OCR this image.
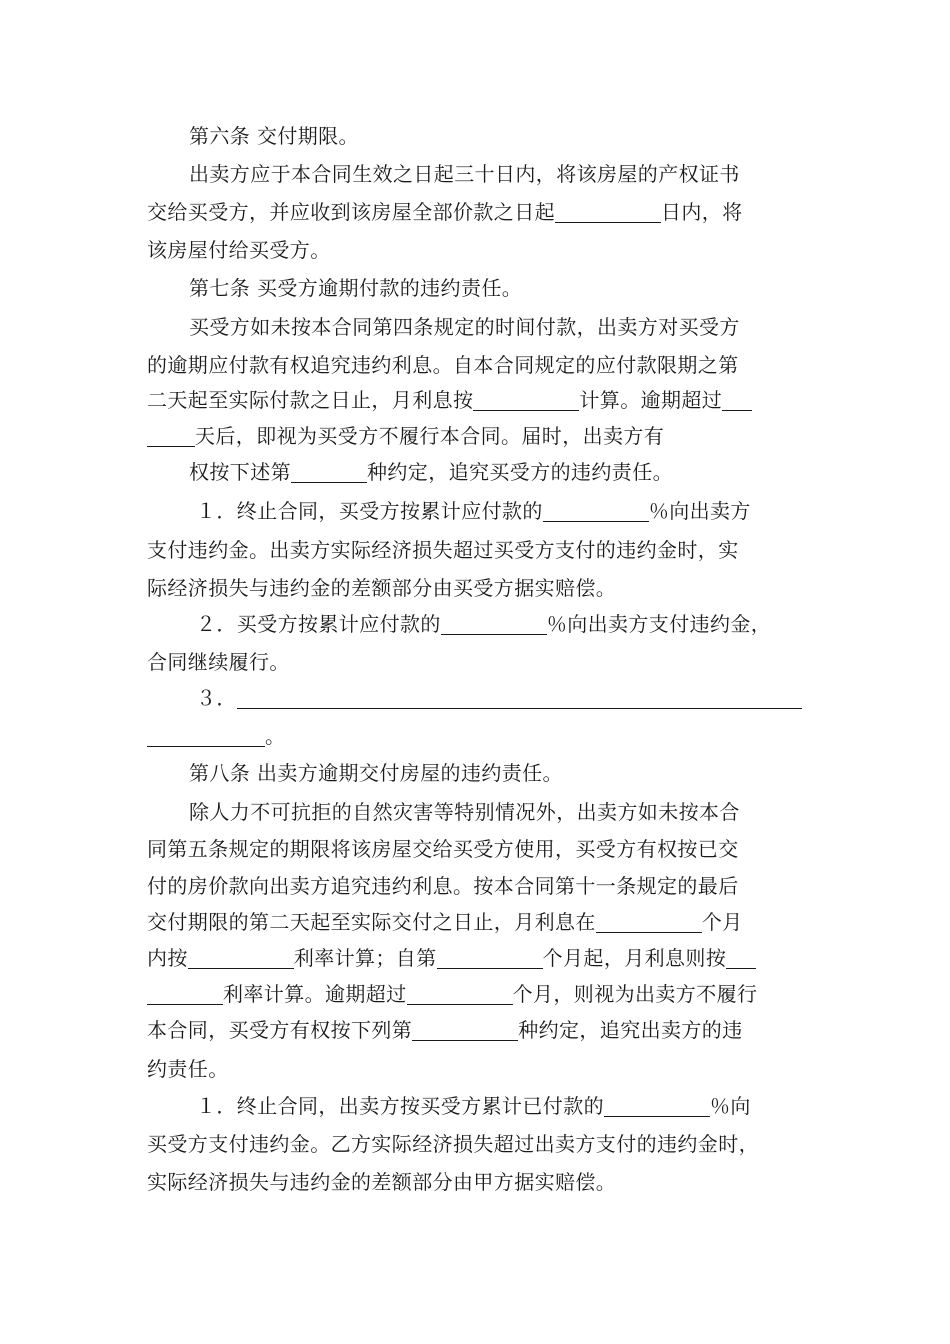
第六条 交付期限。
出卖方应于本合同生效之日起三十日内，将该房屋的产权证书
交给买受方，并应收到该房屋全部价款之日起	日内，将
该房屋付给买受方。
第七条 买受方逾期付款的违约责任。
买受方如未按本合同第四条规定的时间付款，出卖方对买受方
的逾期应付款有权追究违约利息。自本合同规定的应付款限期之第
二天起至实际付款之日止，月利息按	计算。逾期超过
天后，即视为买受方不履行本合同。届时，出卖方有
权按下述第	种约定，追究买受方的违约责任。
１．终止合同，买受方按累计应付款的	％向出卖方
支付违约金。出卖方实际经济损失超过买受方支付的违约金时，实
际经济损失与违约金的差额部分由买受方据实赔偿。
２．买受方按累计应付款的	％向出卖方支付违约金，
合同继续履行。
３．
。
第八条 出卖方逾期交付房屋的违约责任。
除人力不可抗拒的自然灾害等特别情况外，出卖方如未按本合
同第五条规定的期限将该房屋交给买受方使用，买受方有权按已交
付的房价款向出卖方追究违约利息。按本合同第十一条规定的最后
交付期限的第二天起至实际交付之日止，月利息在	个月
内按	利率计算；自第	个月起，月利息则按
利率计算。逾期超过	个月，则视为出卖方不履行
本合同，买受方有权按下列第	种约定，追究出卖方的违
约责任。
１．终止合同，出卖方按买受方累计已付款的	％向
买受方支付违约金。乙方实际经济损失超过出卖方支付的违约金时，
实际经济损失与违约金的差额部分由甲方据实赔偿。
